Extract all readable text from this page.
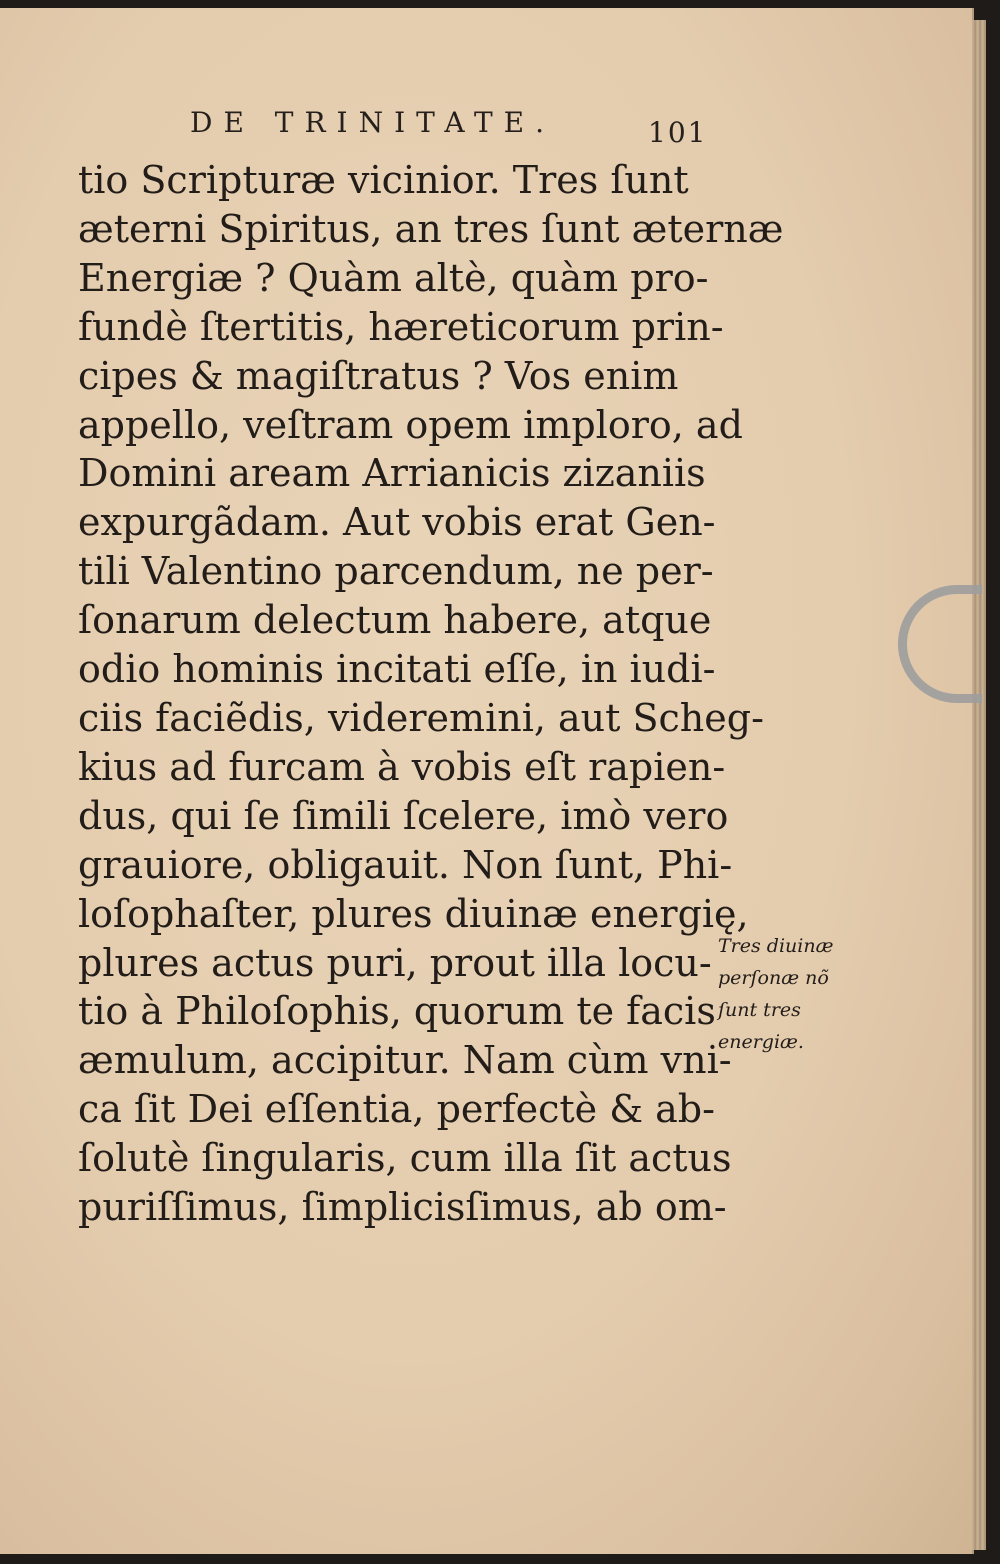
DE TRINITATE.	101
tio Scripturæ vicinior. Tres ſunt
æterni Spiritus, an tres ſunt æternæ
Energiæ ? Quàm altè, quàm pro-
fundè ſtertitis, hæreticorum prin-
cipes & magiſtratus ? Vos enim
appello, veſtram opem imploro, ad
Domini aream Arrianicis zizaniis
expurgãdam. Aut vobis erat Gen-
tili Valentino parcendum, ne per-
ſonarum delectum habere, atque
odio hominis incitati eſſe, in iudi-
ciis faciẽdis, videremini, aut Scheg-
kius ad furcam à vobis eſt rapien-
dus, qui ſe ſimili ſcelere, imò vero
grauiore, obligauit. Non ſunt, Phi-
loſophaſter, plures diuinæ energię,
plures actus puri, prout illa locu-
tio à Philoſophis, quorum te facis
æmulum, accipitur. Nam cùm vni-
ca ſit Dei eſſentia, perfectè & ab-
ſolutè ſingularis, cum illa ſit actus
puriſſimus, ſimplicisſimus, ab om-
Tres diuinæ
perſonæ nõ
ſunt tres
energiæ.
